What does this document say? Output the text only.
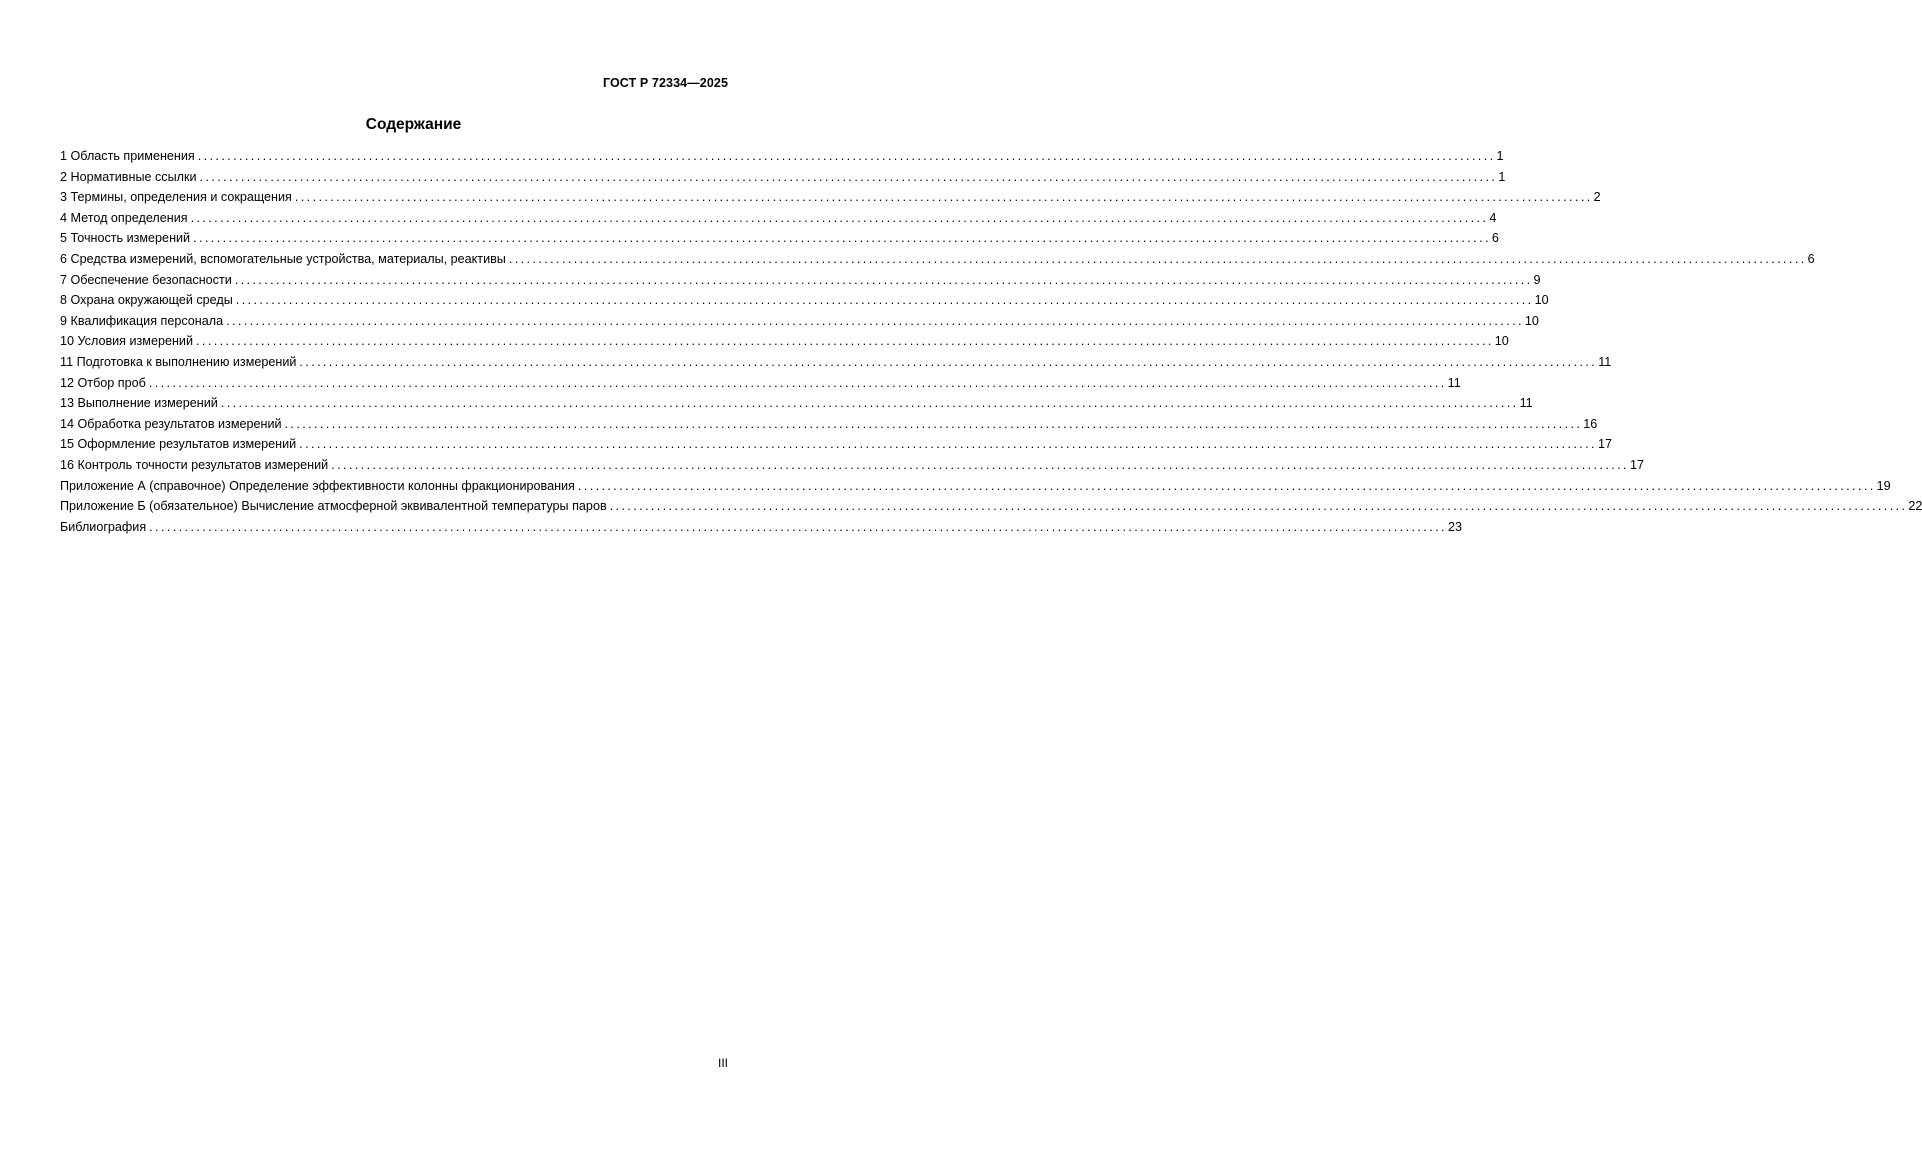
ГОСТ Р 72334—2025
Содержание
1 Область применения ............................................................................................................................................................................................................................ 1
2 Нормативные ссылки ............................................................................................................................................................................................................................ 1
3 Термины, определения и сокращения ............................................................................................................................................................................................................................ 2
4 Метод определения ............................................................................................................................................................................................................................ 4
5 Точность измерений ............................................................................................................................................................................................................................ 6
6 Средства измерений, вспомогательные устройства, материалы, реактивы ............................................................................................................................................................................................................................ 6
7 Обеспечение безопасности ............................................................................................................................................................................................................................ 9
8 Охрана окружающей среды ............................................................................................................................................................................................................................ 10
9 Квалификация персонала ............................................................................................................................................................................................................................ 10
10 Условия измерений ............................................................................................................................................................................................................................ 10
11 Подготовка к выполнению измерений ............................................................................................................................................................................................................................ 11
12 Отбор проб ............................................................................................................................................................................................................................ 11
13 Выполнение измерений ............................................................................................................................................................................................................................ 11
14 Обработка результатов измерений ............................................................................................................................................................................................................................ 16
15 Оформление результатов измерений ............................................................................................................................................................................................................................ 17
16 Контроль точности результатов измерений ............................................................................................................................................................................................................................ 17
Приложение А (справочное) Определение эффективности колонны фракционирования ............................................................................................................................................................................................................................ 19
Приложение Б (обязательное) Вычисление атмосферной эквивалентной температуры паров ............................................................................................................................................................................................................................ 22
Библиография ............................................................................................................................................................................................................................ 23
III
